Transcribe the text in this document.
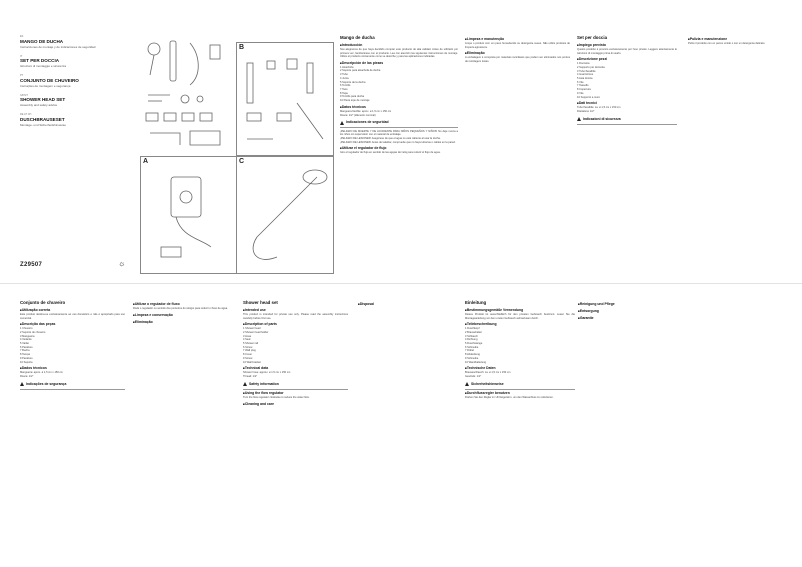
ES
MANGO DE DUCHA
Instrucciones de montaje y de indicaciones de seguridad
IT
SET PER DOCCIA
Istruzioni di montaggio e sicurezza
PT
CONJUNTO DE CHUVEIRO
Instruções de montagem e segurança
GB MT
SHOWER HEAD SET
Assembly and safety advice
DE AT CH
DUSCHBRAUSESET
Montage- und Sicherheitshinweise
Z29507	☼
B
A	C
Mango de ducha
■ Introducción
Nos alegramos de que haya decidido comprar este producto de alta calidad. Antes de utilizarlo por primera vez, familiarícese con el producto. Lea con atención las siguientes instrucciones de montaje. Utilice el producto únicamente como se describe y para las aplicaciones indicadas.
■ Descripción de las piezas
1 Alcachofa
2 Soporte para alcachofa de ducha
3 Tubo
4 Junta
5 Soporte de la ducha
6 Tornillo
7 Taco
8 Tapa
9 Tornillo para ducha
10 Pieza tope de montaje
■ Datos técnicos
Manguera flexible: aprox. ø 1,5 cm x 150 cm
Rosca: 1/2" (diámetro nominal)
Indicaciones de seguridad
¡PELIGRO DE MUERTE Y DE ACCIDENTE PARA NIÑOS PEQUEÑOS Y NIÑOS! No deje nunca a los niños sin supervisión con el material de embalaje.
¡PELIGRO DE LESIONES! Asegúrese de que el agua no esté caliente al usar la ducha.
¡PELIGRO DE LESIONES! Antes de taladrar, compruebe que no haya tuberías o cables en la pared.
■ Utilizar el regulador de flujo
Gire el regulador de flujo en sentido de las agujas del reloj para reducir el flujo de agua.
■ Limpeza e manutenção
Limpe o produto com um pano humedecido ou detergente suave. Não utilize produtos de limpeza agressivos.
■ Eliminação
A embalagem é composta por materiais recicláveis que podem ser eliminados nos pontos de reciclagem locais.
Set per doccia
■ Impiego previsto
Questo prodotto è previsto esclusivamente per l'uso privato. Leggere attentamente le istruzioni di montaggio prima di usarlo.
■ Descrizione pezzi
1 Doccetta
2 Supporto per doccetta
3 Tubo flessibile
4 Guarnizione
5 Asta doccia
6 Vite
7 Tassello
8 Copertura
9 Vite
10 Supporto a muro
■ Dati tecnici
Tubo flessibile: ca. ø 1,5 cm x 150 cm
Filettatura: 1/2"
Indicazioni di sicurezza
■ Pulizia e manutenzione
Pulire il prodotto con un panno umido o con un detergente delicato.
Conjunto de chuveiro
■ Utilização correta
Este produto destina-se exclusivamente ao uso doméstico e não é apropriado para uso comercial.
■ Descrição das peças
1 Chuveiro
2 Suporte do chuveiro
3 Mangueira
4 Vedante
5 Varão
6 Parafuso
7 Bucha
8 Tampa
9 Parafuso
10 Suporte
■ Dados técnicos
Mangueira: aprox. ø 1,5 cm x 150 cm
Rosca: 1/2"
Indicações de segurança
■ Utilizar o regulador de fluxo
Rode o regulador no sentido dos ponteiros do relógio para reduzir o fluxo de água.
■ Limpeza e conservação
■ Eliminação
Shower head set
■ Intended use
This product is intended for private use only. Please read the assembly instructions carefully before first use.
■ Description of parts
1 Shower head
2 Shower head holder
3 Hose
4 Seal
5 Shower rail
6 Screw
7 Wall plug
8 Cover
9 Screw
10 Wall bracket
■ Technical data
Shower hose: approx. ø 1.5 cm x 150 cm
Thread: 1/2"
Safety information
■ Using the flow regulator
Turn the flow regulator clockwise to reduce the water flow.
■ Cleaning and care
■ Disposal	Einleitung
■ Bestimmungsgemäße Verwendung
Dieses Produkt ist ausschließlich für den privaten Gebrauch bestimmt. Lesen Sie die Montageanleitung vor dem ersten Gebrauch aufmerksam durch.
■ Teilebeschreibung
1 Duschkopf
2 Brausehalter
3 Schlauch
4 Dichtung
5 Duschstange
6 Schraube
7 Dübel
8 Abdeckung
9 Schraube
10 Wandhalterung
■ Technische Daten
Brauseschlauch: ca. ø 1,5 cm x 150 cm
Gewinde: 1/2"
Sicherheitshinweise
■ Durchflussregler benutzen
Drehen Sie den Regler im Uhrzeigersinn, um den Wasserfluss zu reduzieren.
■ Reinigung und Pflege
■ Entsorgung
■ Garantie
